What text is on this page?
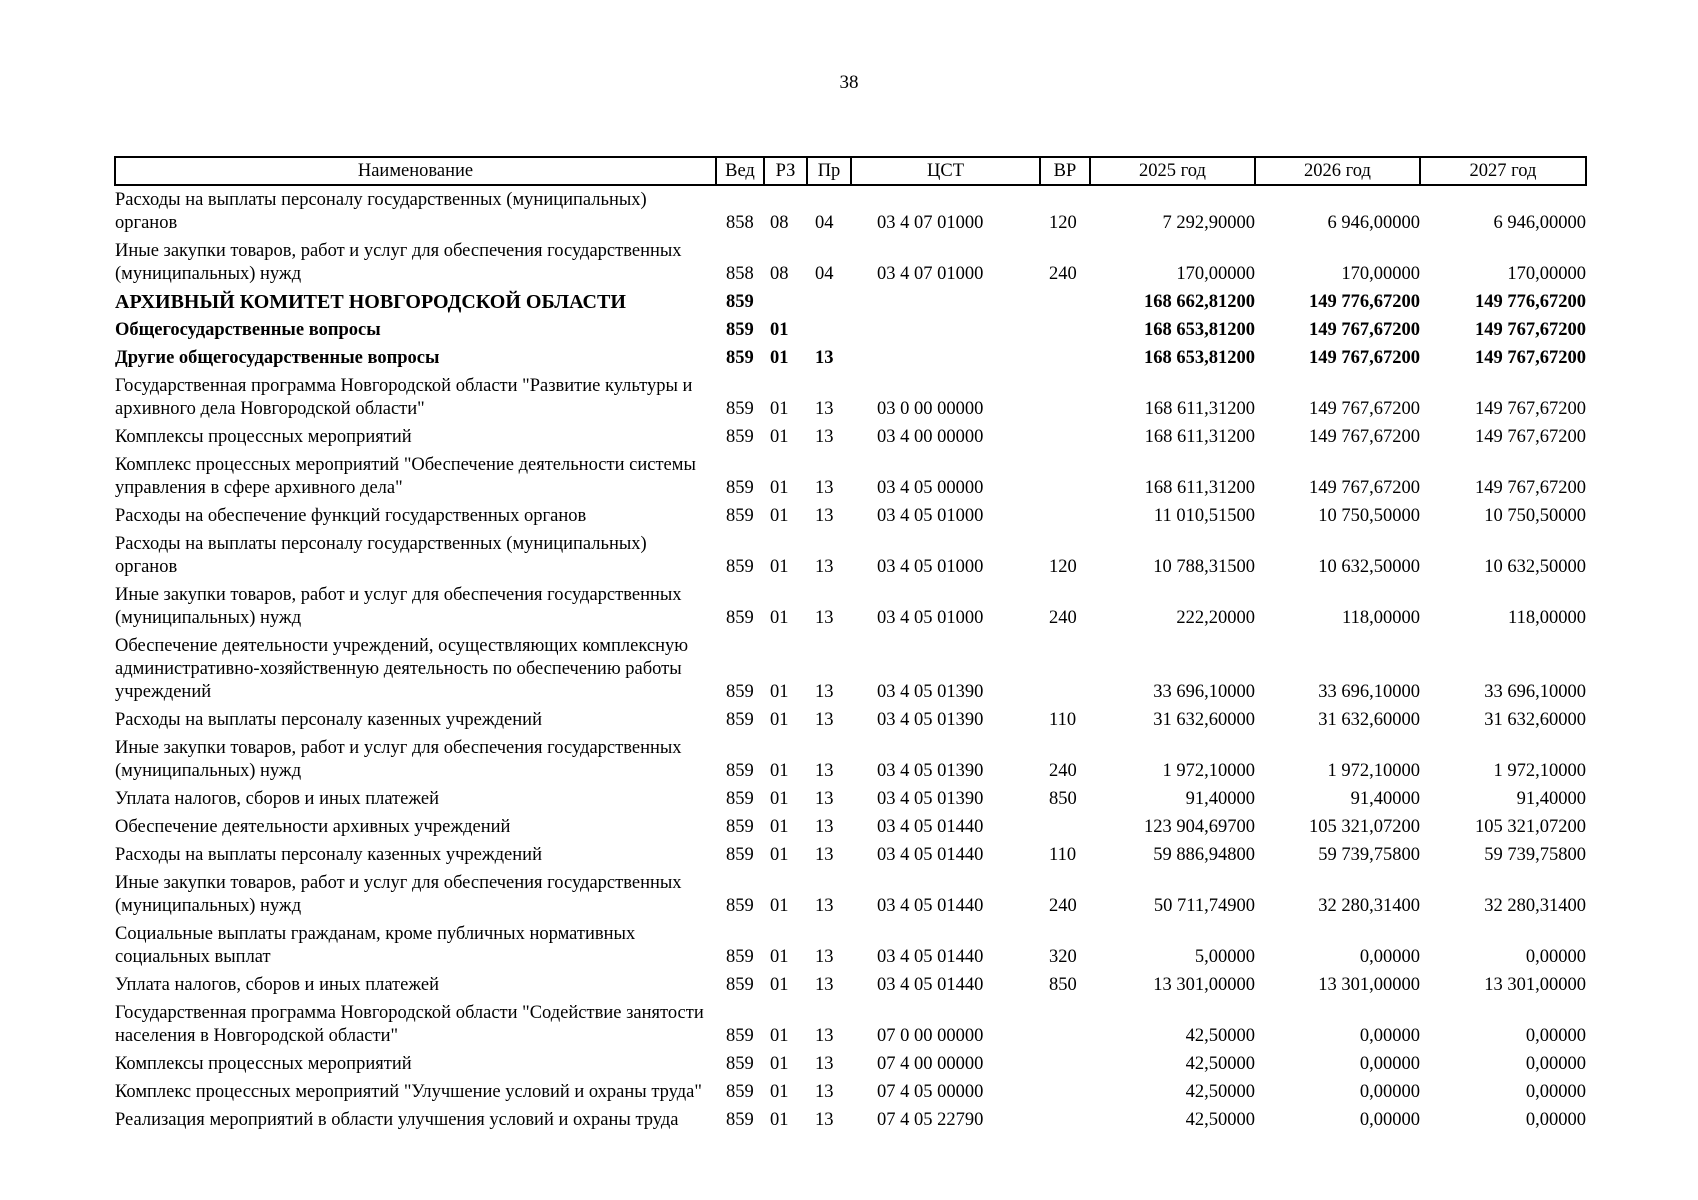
38
Наименование	Вед	РЗ	Пр	ЦСТ	ВР	2025 год	2026 год	2027 год
Расходы на выплаты персоналу государственных (муниципальных) органов	858	08	04	03 4 07 01000	120	7 292,90000	6 946,00000	6 946,00000
Иные закупки товаров, работ и услуг для обеспечения государственных (муниципальных) нужд	858	08	04	03 4 07 01000	240	170,00000	170,00000	170,00000
АРХИВНЫЙ КОМИТЕТ НОВГОРОДСКОЙ ОБЛАСТИ	859					168 662,81200	149 776,67200	149 776,67200
Общегосударственные вопросы	859	01				168 653,81200	149 767,67200	149 767,67200
Другие общегосударственные вопросы	859	01	13			168 653,81200	149 767,67200	149 767,67200
Государственная программа Новгородской области "Развитие культуры и архивного дела Новгородской области"	859	01	13	03 0 00 00000		168 611,31200	149 767,67200	149 767,67200
Комплексы процессных мероприятий	859	01	13	03 4 00 00000		168 611,31200	149 767,67200	149 767,67200
Комплекс процессных мероприятий "Обеспечение деятельности системы управления в сфере архивного дела"	859	01	13	03 4 05 00000		168 611,31200	149 767,67200	149 767,67200
Расходы на обеспечение функций государственных органов	859	01	13	03 4 05 01000		11 010,51500	10 750,50000	10 750,50000
Расходы на выплаты персоналу государственных (муниципальных) органов	859	01	13	03 4 05 01000	120	10 788,31500	10 632,50000	10 632,50000
Иные закупки товаров, работ и услуг для обеспечения государственных (муниципальных) нужд	859	01	13	03 4 05 01000	240	222,20000	118,00000	118,00000
Обеспечение деятельности учреждений, осуществляющих комплексную административно-хозяйственную деятельность по обеспечению работы учреждений	859	01	13	03 4 05 01390		33 696,10000	33 696,10000	33 696,10000
Расходы на выплаты персоналу казенных учреждений	859	01	13	03 4 05 01390	110	31 632,60000	31 632,60000	31 632,60000
Иные закупки товаров, работ и услуг для обеспечения государственных (муниципальных) нужд	859	01	13	03 4 05 01390	240	1 972,10000	1 972,10000	1 972,10000
Уплата налогов, сборов и иных платежей	859	01	13	03 4 05 01390	850	91,40000	91,40000	91,40000
Обеспечение деятельности архивных учреждений	859	01	13	03 4 05 01440		123 904,69700	105 321,07200	105 321,07200
Расходы на выплаты персоналу казенных учреждений	859	01	13	03 4 05 01440	110	59 886,94800	59 739,75800	59 739,75800
Иные закупки товаров, работ и услуг для обеспечения государственных (муниципальных) нужд	859	01	13	03 4 05 01440	240	50 711,74900	32 280,31400	32 280,31400
Социальные выплаты гражданам, кроме публичных нормативных социальных выплат	859	01	13	03 4 05 01440	320	5,00000	0,00000	0,00000
Уплата налогов, сборов и иных платежей	859	01	13	03 4 05 01440	850	13 301,00000	13 301,00000	13 301,00000
Государственная программа Новгородской области "Содействие занятости населения в Новгородской области"	859	01	13	07 0 00 00000		42,50000	0,00000	0,00000
Комплексы процессных мероприятий	859	01	13	07 4 00 00000		42,50000	0,00000	0,00000
Комплекс процессных мероприятий "Улучшение условий и охраны труда"	859	01	13	07 4 05 00000		42,50000	0,00000	0,00000
Реализация мероприятий в области улучшения условий и охраны труда	859	01	13	07 4 05 22790		42,50000	0,00000	0,00000
